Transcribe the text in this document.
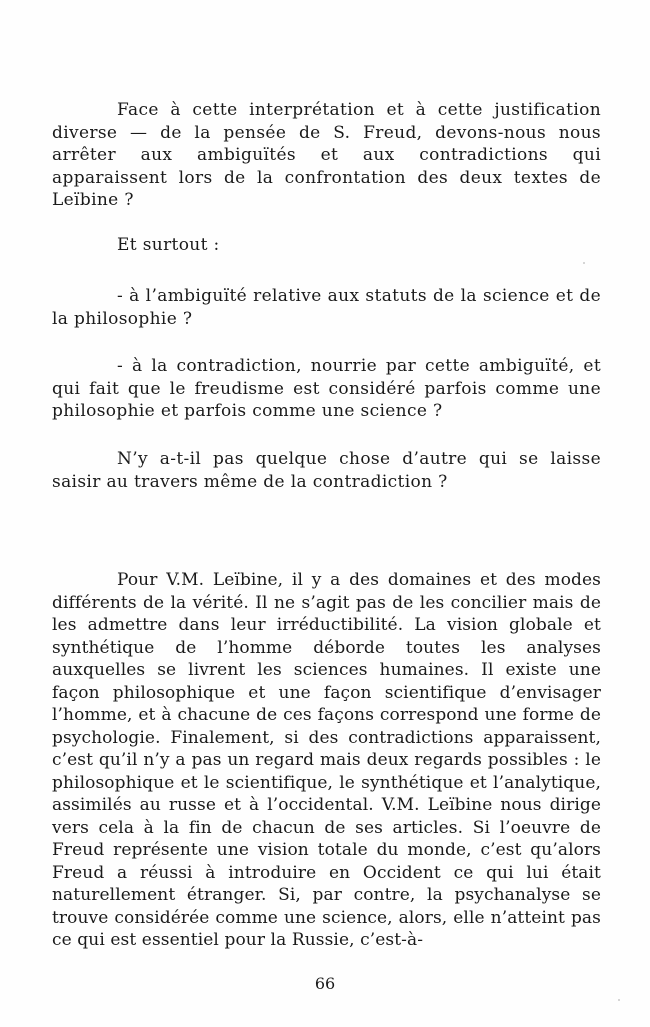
Face à cette interprétation et à cette justification diverse — de la pensée de S. Freud, devons-nous nous arrêter aux ambiguïtés et aux contradictions qui apparaissent lors de la confrontation des deux textes de Leïbine ?

Et surtout :

- à l’ambiguïté relative aux statuts de la science et de la philosophie ?

- à la contradiction, nourrie par cette ambiguïté, et qui fait que le freudisme est considéré parfois comme une philosophie et parfois comme une science ?

N’y a-t-il pas quelque chose d’autre qui se laisse saisir au travers même de la contradiction ?

Pour V.M. Leïbine, il y a des domaines et des modes différents de la vérité. Il ne s’agit pas de les concilier mais de les admettre dans leur irréductibilité. La vision globale et synthétique de l’homme déborde toutes les analyses auxquelles se livrent les sciences humaines. Il existe une façon philosophique et une façon scientifique d’envisager l’homme, et à chacune de ces façons correspond une forme de psychologie. Finalement, si des contradictions apparaissent, c’est qu’il n’y a pas un regard mais deux regards possibles : le philosophique et le scientifique, le synthétique et l’analytique, assimilés au russe et à l’occidental. V.M. Leïbine nous dirige vers cela à la fin de chacun de ses articles. Si l’oeuvre de Freud représente une vision totale du monde, c’est qu’alors Freud a réussi à introduire en Occident ce qui lui était naturellement étranger. Si, par contre, la psychanalyse se trouve considérée comme une science, alors, elle n’atteint pas ce qui est essentiel pour la Russie, c’est-à-

66
